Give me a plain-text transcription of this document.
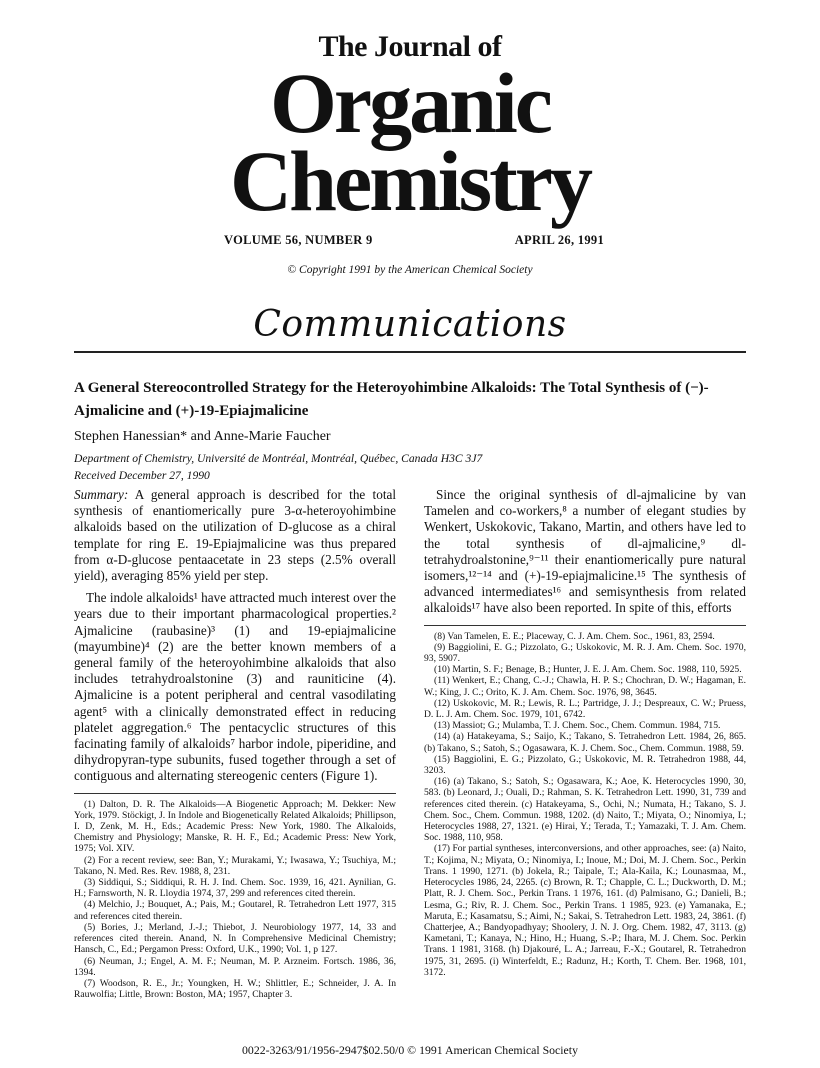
The Journal of
Organic
Chemistry
VOLUME 56, NUMBER 9	APRIL 26, 1991
© Copyright 1991 by the American Chemical Society
Communications
A General Stereocontrolled Strategy for the Heteroyohimbine Alkaloids: The Total Synthesis of (−)-Ajmalicine and (+)-19-Epiajmalicine
Stephen Hanessian* and Anne-Marie Faucher
Department of Chemistry, Université de Montréal, Montréal, Québec, Canada H3C 3J7
Received December 27, 1990

Summary: A general approach is described for the total synthesis of enantiomerically pure 3-α-heteroyohimbine alkaloids based on the utilization of D-glucose as a chiral template for ring E. 19-Epiajmalicine was thus prepared from α-D-glucose pentaacetate in 23 steps (2.5% overall yield), averaging 85% yield per step.

The indole alkaloids¹ have attracted much interest over the years due to their important pharmacological properties.² Ajmalicine (raubasine)³ (1) and 19-epiajmalicine (mayumbine)⁴ (2) are the better known members of a general family of the heteroyohimbine alkaloids that also includes tetrahydroalstonine (3) and rauniticine (4). Ajmalicine is a potent peripheral and central vasodilating agent⁵ with a clinically demonstrated effect in reducing platelet aggregation.⁶ The pentacyclic structures of this facinating family of alkaloids⁷ harbor indole, piperidine, and dihydropyran-type subunits, fused together through a set of contiguous and alternating stereogenic centers (Figure 1).

(1) Dalton, D. R. The Alkaloids—A Biogenetic Approach; M. Dekker: New York, 1979. Stöckigt, J. In Indole and Biogenetically Related Alkaloids; Phillipson, I. D, Zenk, M. H., Eds.; Academic Press: New York, 1980. The Alkaloids, Chemistry and Physiology; Manske, R. H. F., Ed.; Academic Press: New York, 1975; Vol. XIV.

(2) For a recent review, see: Ban, Y.; Murakami, Y.; Iwasawa, Y.; Tsuchiya, M.; Takano, N. Med. Res. Rev. 1988, 8, 231.

(3) Siddiqui, S.; Siddiqui, R. H. J. Ind. Chem. Soc. 1939, 16, 421. Aynilian, G. H.; Farnsworth, N. R. Lloydia 1974, 37, 299 and references cited therein.

(4) Melchio, J.; Bouquet, A.; Pais, M.; Goutarel, R. Tetrahedron Lett 1977, 315 and references cited therein.

(5) Bories, J.; Merland, J.-J.; Thiebot, J. Neurobiology 1977, 14, 33 and references cited therein. Anand, N. In Comprehensive Medicinal Chemistry; Hansch, C., Ed.; Pergamon Press: Oxford, U.K., 1990; Vol. 1, p 127.

(6) Neuman, J.; Engel, A. M. F.; Neuman, M. P. Arzneim. Fortsch. 1986, 36, 1394.

(7) Woodson, R. E., Jr.; Youngken, H. W.; Shlittler, E.; Schneider, J. A. In Rauwolfia; Little, Brown: Boston, MA; 1957, Chapter 3.

Since the original synthesis of dl-ajmalicine by van Tamelen and co-workers,⁸ a number of elegant studies by Wenkert, Uskokovic, Takano, Martin, and others have led to the total synthesis of dl-ajmalicine,⁹ dl-tetrahydroalstonine,⁹⁻¹¹ their enantiomerically pure natural isomers,¹²⁻¹⁴ and (+)-19-epiajmalicine.¹⁵ The synthesis of advanced intermediates¹⁶ and semisynthesis from related alkaloids¹⁷ have also been reported. In spite of this, efforts

(8) Van Tamelen, E. E.; Placeway, C. J. Am. Chem. Soc., 1961, 83, 2594.

(9) Baggiolini, E. G.; Pizzolato, G.; Uskokovic, M. R. J. Am. Chem. Soc. 1970, 93, 5907.

(10) Martin, S. F.; Benage, B.; Hunter, J. E. J. Am. Chem. Soc. 1988, 110, 5925.

(11) Wenkert, E.; Chang, C.-J.; Chawla, H. P. S.; Chochran, D. W.; Hagaman, E. W.; King, J. C.; Orito, K. J. Am. Chem. Soc. 1976, 98, 3645.

(12) Uskokovic, M. R.; Lewis, R. L.; Partridge, J. J.; Despreaux, C. W.; Pruess, D. L. J. Am. Chem. Soc. 1979, 101, 6742.

(13) Massiot; G.; Mulamba, T. J. Chem. Soc., Chem. Commun. 1984, 715.

(14) (a) Hatakeyama, S.; Saijo, K.; Takano, S. Tetrahedron Lett. 1984, 26, 865. (b) Takano, S.; Satoh, S.; Ogasawara, K. J. Chem. Soc., Chem. Commun. 1988, 59.

(15) Baggiolini, E. G.; Pizzolato, G.; Uskokovic, M. R. Tetrahedron 1988, 44, 3203.

(16) (a) Takano, S.; Satoh, S.; Ogasawara, K.; Aoe, K. Heterocycles 1990, 30, 583. (b) Leonard, J.; Ouali, D.; Rahman, S. K. Tetrahedron Lett. 1990, 31, 739 and references cited therein. (c) Hatakeyama, S., Ochi, N.; Numata, H.; Takano, S. J. Chem. Soc., Chem. Commun. 1988, 1202. (d) Naito, T.; Miyata, O.; Ninomiya, I.; Heterocycles 1988, 27, 1321. (e) Hirai, Y.; Terada, T.; Yamazaki, T. J. Am. Chem. Soc. 1988, 110, 958.

(17) For partial syntheses, interconversions, and other approaches, see: (a) Naito, T.; Kojima, N.; Miyata, O.; Ninomiya, I.; Inoue, M.; Doi, M. J. Chem. Soc., Perkin Trans. 1 1990, 1271. (b) Jokela, R.; Taipale, T.; Ala-Kaila, K.; Lounasmaa, M., Heterocycles 1986, 24, 2265. (c) Brown, R. T.; Chapple, C. L.; Duckworth, D. M.; Platt, R. J. Chem. Soc., Perkin Trans. 1 1976, 161. (d) Palmisano, G.; Danieli, B.; Lesma, G.; Riv, R. J. Chem. Soc., Perkin Trans. 1 1985, 923. (e) Yamanaka, E.; Maruta, E.; Kasamatsu, S.; Aimi, N.; Sakai, S. Tetrahedron Lett. 1983, 24, 3861. (f) Chatterjee, A.; Bandyopadhyay; Shoolery, J. N. J. Org. Chem. 1982, 47, 3113. (g) Kametani, T.; Kanaya, N.; Hino, H.; Huang, S.-P.; Ihara, M. J. Chem. Soc. Perkin Trans. 1 1981, 3168. (h) Djakouré, L. A.; Jarreau, F.-X.; Goutarel, R. Tetrahedron 1975, 31, 2695. (i) Winterfeldt, E.; Radunz, H.; Korth, T. Chem. Ber. 1968, 101, 3172.

0022-3263/91/1956-2947$02.50/0 © 1991 American Chemical Society
